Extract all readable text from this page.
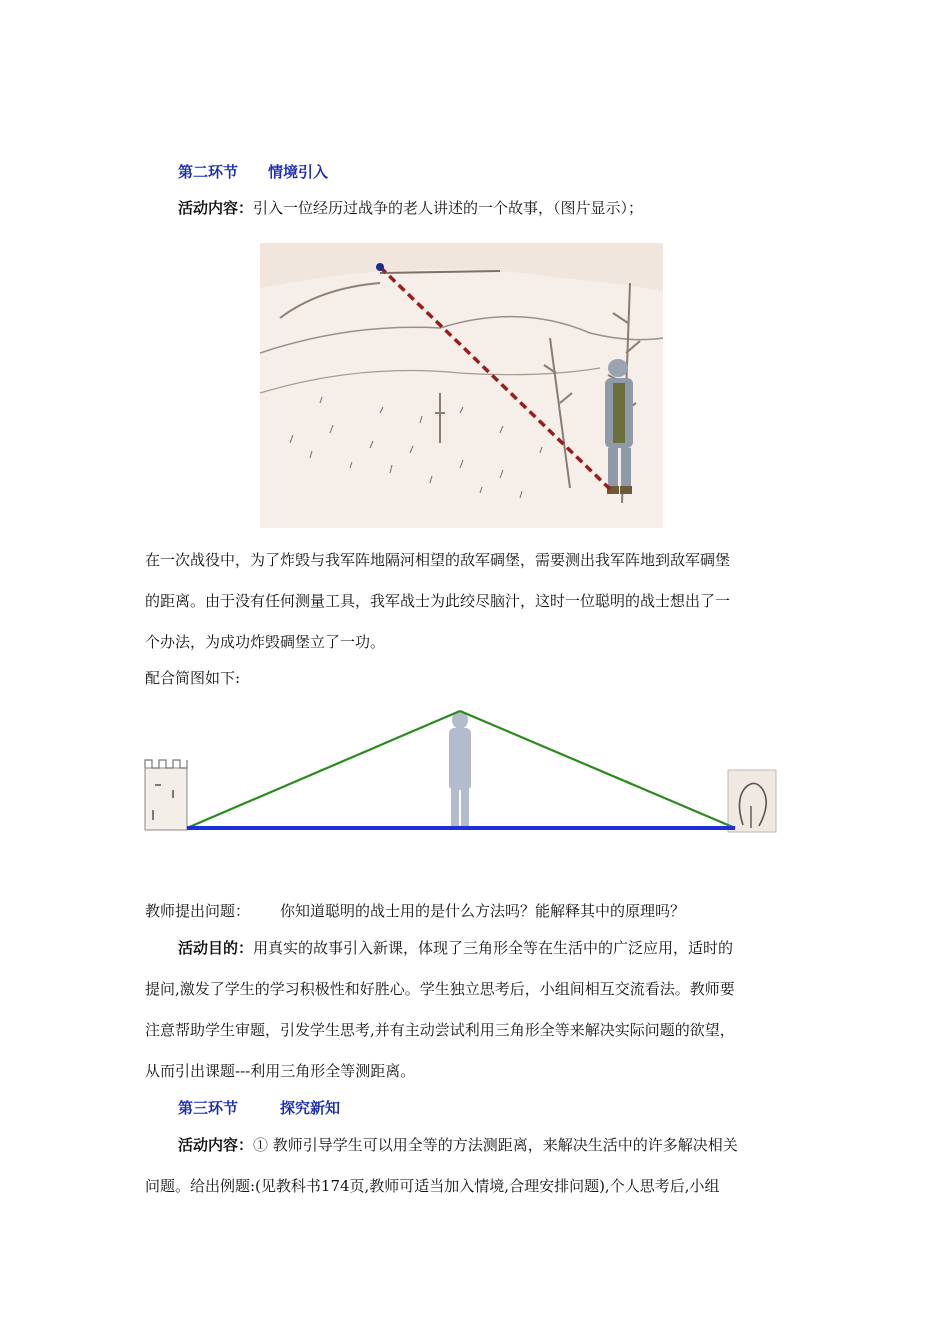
第二环节 情境引入
活动内容：引入一位经历过战争的老人讲述的一个故事，（图片显示）；
在一次战役中，为了炸毁与我军阵地隔河相望的敌军碉堡，需要测出我军阵地到敌军碉堡
的距离。由于没有任何测量工具，我军战士为此绞尽脑汁，这时一位聪明的战士想出了一
个办法，为成功炸毁碉堡立了一功。
配合简图如下:
教师提出问题： 你知道聪明的战士用的是什么方法吗？能解释其中的原理吗？
活动目的：用真实的故事引入新课，体现了三角形全等在生活中的广泛应用，适时的
提问,激发了学生的学习积极性和好胜心。学生独立思考后，小组间相互交流看法。教师要
注意帮助学生审题，引发学生思考,并有主动尝试利用三角形全等来解决实际问题的欲望，
从而引出课题---利用三角形全等测距离。
第三环节	探究新知
活动内容：① 教师引导学生可以用全等的方法测距离，来解决生活中的许多解决相关
问题。给出例题:(见教科书174页,教师可适当加入情境,合理安排问题),个人思考后,小组
